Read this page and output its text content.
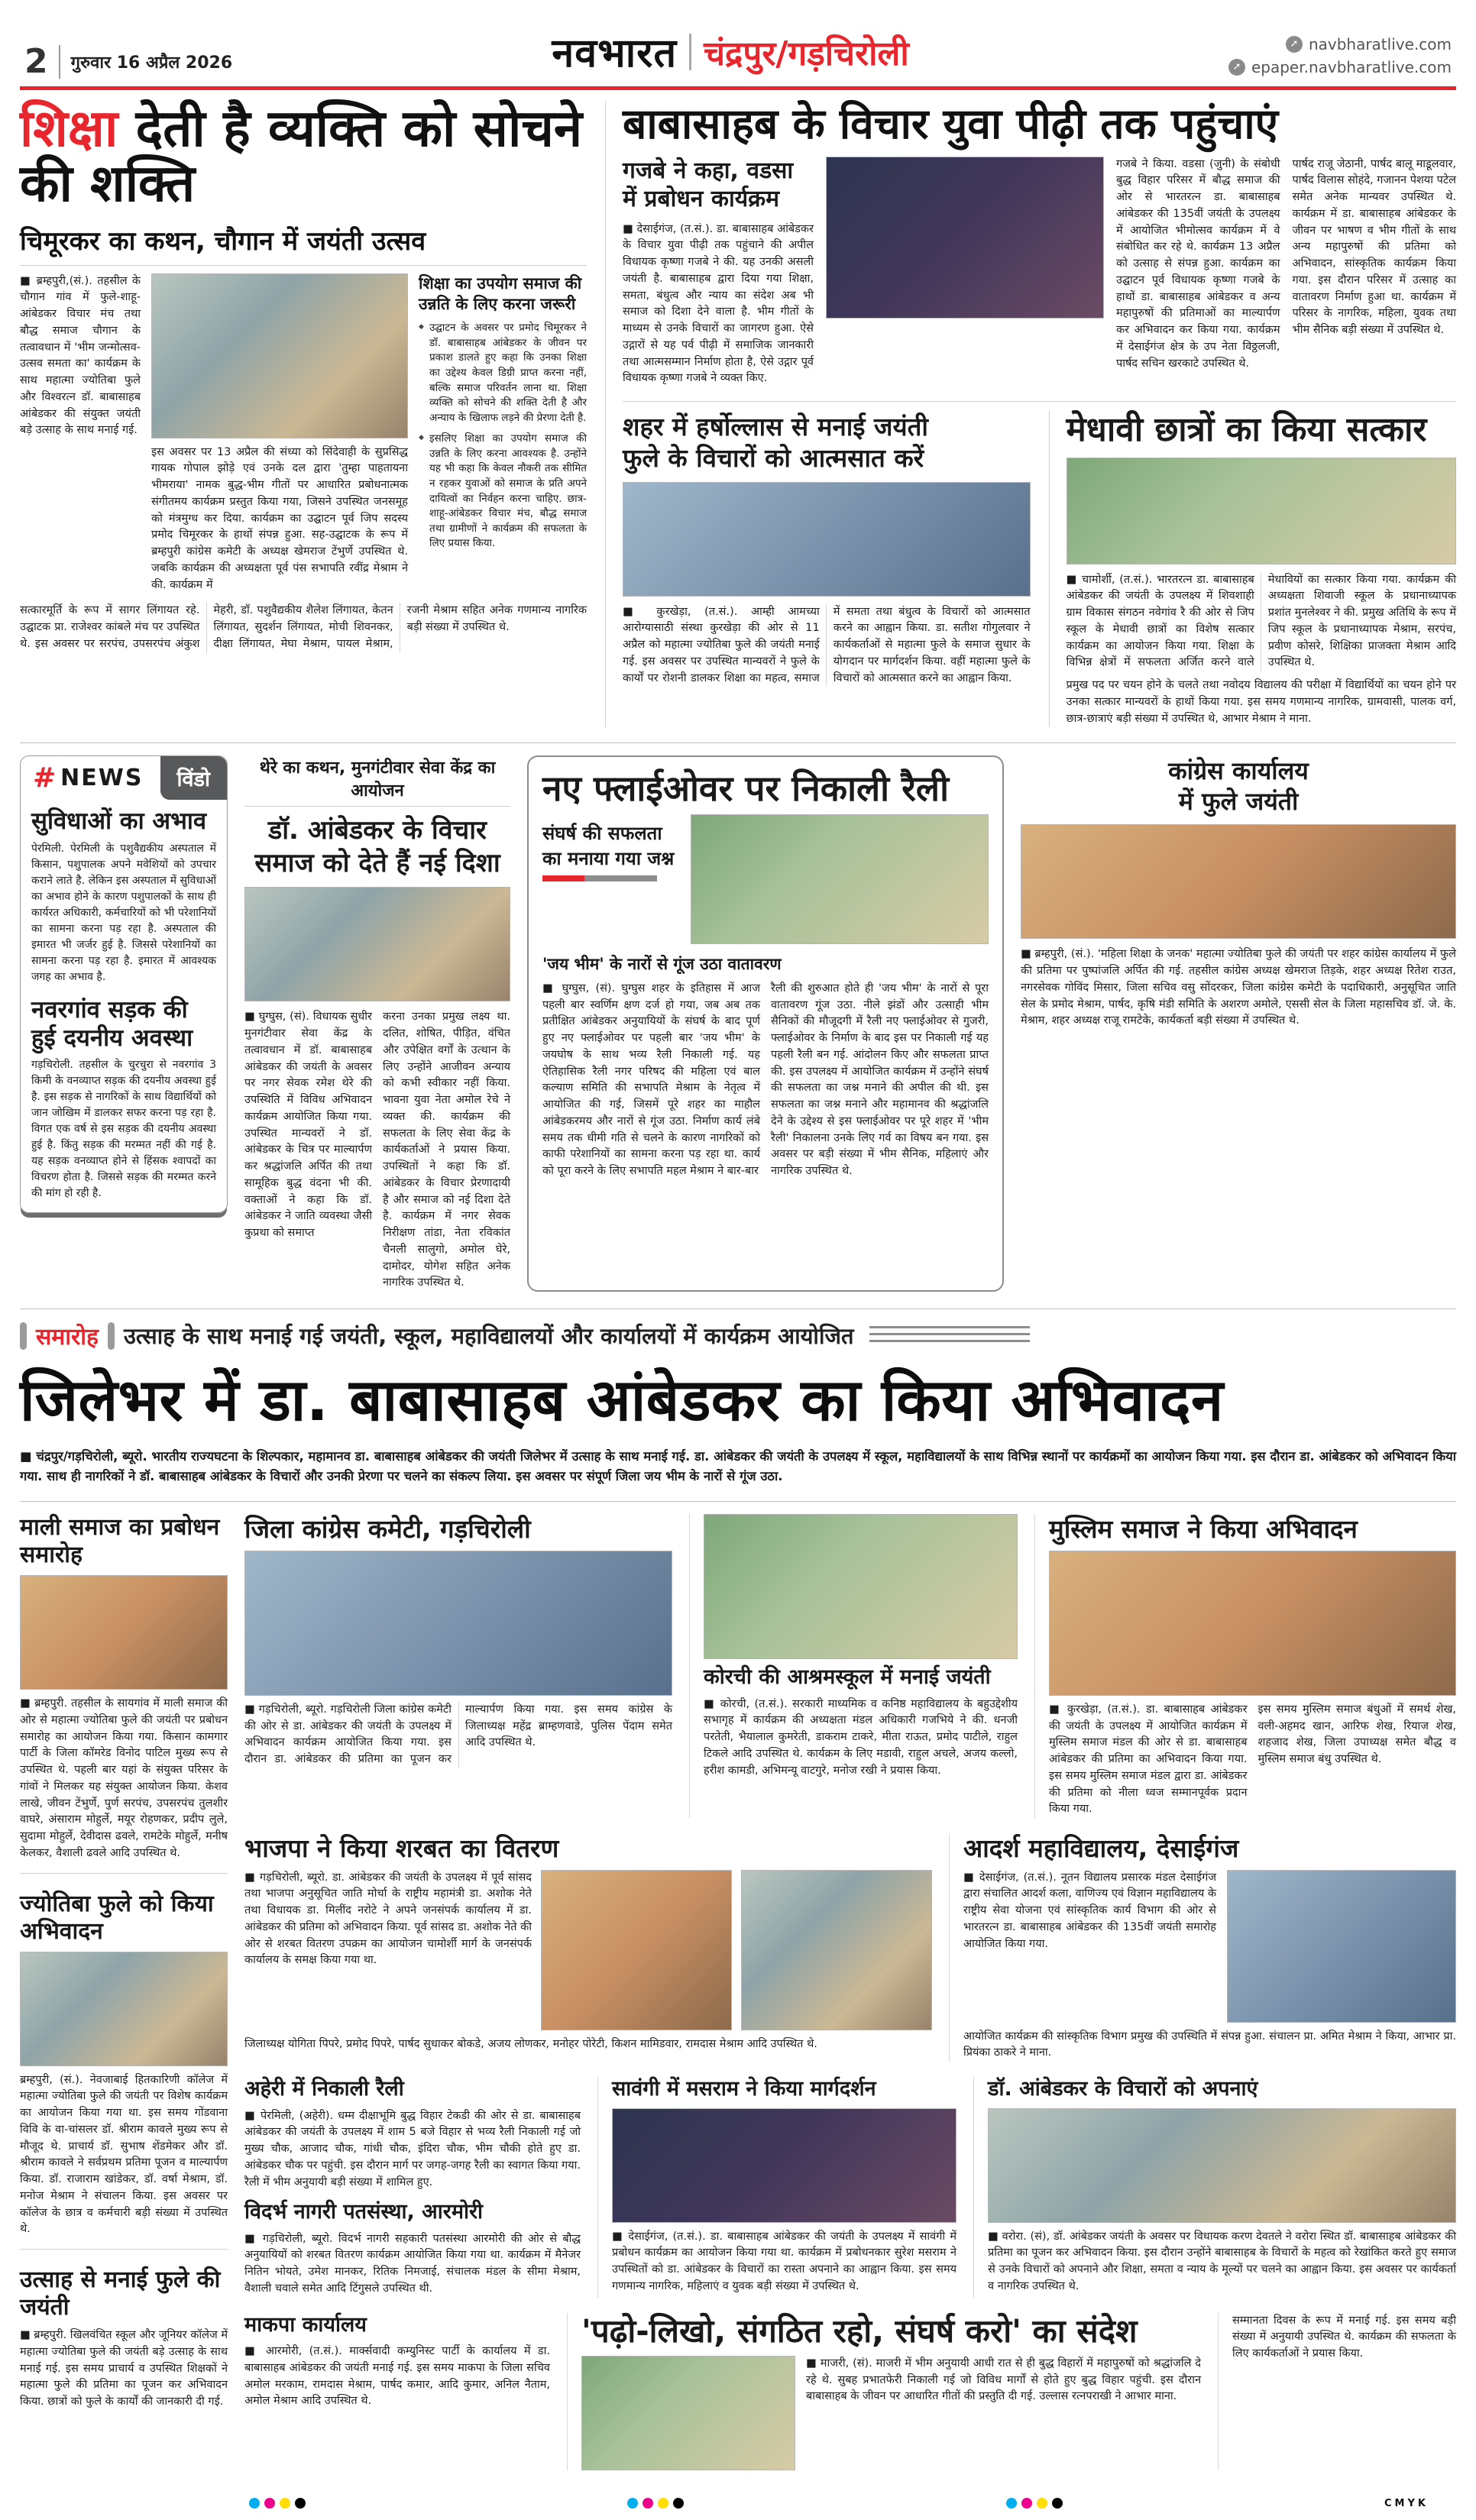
2 गुरुवार 16 अप्रैल 2026	नवभारत चंद्रपुर/गड़चिरोली	➚ navbharatlive.com
➚ epaper.navbharatlive.com
शिक्षा देती है व्यक्ति को सोचने की शक्ति
चिमूरकर का कथन, चौगान में जयंती उत्सव

■ ब्रम्हपुरी,(सं.). तहसील के चौगान गांव में फुले-शाहू-आंबेडकर विचार मंच तथा बौद्ध समाज चौगान के तत्वावधान में 'भीम जन्मोत्सव-उत्सव समता का' कार्यक्रम के साथ महात्मा ज्योतिबा फुले और विश्वरत्न डॉ. बाबासाहब आंबेडकर की संयुक्त जयंती बड़े उत्साह के साथ मनाई गई.

इस अवसर पर 13 अप्रैल की संध्या को सिंदेवाही के सुप्रसिद्ध गायक गोपाल झोड़े एवं उनके दल द्वारा 'तुम्हा पाहतायना भीमराया' नामक बुद्ध-भीम गीतों पर आधारित प्रबोधनात्मक संगीतमय कार्यक्रम प्रस्तुत किया गया, जिसने उपस्थित जनसमूह को मंत्रमुग्ध कर दिया. कार्यक्रम का उद्घाटन पूर्व जिप सदस्य प्रमोद चिमूरकर के हाथों संपन्न हुआ. सह-उद्घाटक के रूप में ब्रम्हपुरी कांग्रेस कमेटी के अध्यक्ष खेमराज टेंभुर्णे उपस्थित थे. जबकि कार्यक्रम की अध्यक्षता पूर्व पंस सभापति रवींद्र मेश्राम ने की. कार्यक्रम में

शिक्षा का उपयोग समाज की उन्नति के लिए करना जरूरी

◆ उद्घाटन के अवसर पर प्रमोद चिमूरकर ने डॉ. बाबासाहब आंबेडकर के जीवन पर प्रकाश डालते हुए कहा कि उनका शिक्षा का उद्देश्य केवल डिग्री प्राप्त करना नहीं, बल्कि समाज परिवर्तन लाना था. शिक्षा व्यक्ति को सोचने की शक्ति देती है और अन्याय के खिलाफ लड़ने की प्रेरणा देती है.

◆ इसलिए शिक्षा का उपयोग समाज की उन्नति के लिए करना आवश्यक है. उन्होंने यह भी कहा कि केवल नौकरी तक सीमित न रहकर युवाओं को समाज के प्रति अपने दायित्वों का निर्वहन करना चाहिए. छात्र-शाहू-आंबेडकर विचार मंच, बौद्ध समाज तथा ग्रामीणों ने कार्यक्रम की सफलता के लिए प्रयास किया.

सत्कारमूर्ति के रूप में सागर लिंगायत रहे. उद्घाटक प्रा. राजेश्वर कांबले मंच पर उपस्थित थे. इस अवसर पर सरपंच, उपसरपंच अंकुश मेहरी, डॉ. पशुवैद्यकीय शैलेश लिंगायत, केतन लिंगायत, सुदर्शन लिंगायत, मोची शिवनकर, दीक्षा लिंगायत, मेघा मेश्राम, पायल मेश्राम, रजनी मेश्राम सहित अनेक गणमान्य नागरिक बड़ी संख्या में उपस्थित थे.

बाबासाहब के विचार युवा पीढ़ी तक पहुंचाएं
गजबे ने कहा, वडसा में प्रबोधन कार्यक्रम

■ देसाईगंज, (त.सं.). डा. बाबासाहब आंबेडकर के विचार युवा पीढ़ी तक पहुंचाने की अपील विधायक कृष्णा गजबे ने की. यह उनकी असली जयंती है. बाबासाहब द्वारा दिया गया शिक्षा, समता, बंधुत्व और न्याय का संदेश अब भी समाज को दिशा देने वाला है. भीम गीतों के माध्यम से उनके विचारों का जागरण हुआ. ऐसे उद्गारों से यह पर्व पीढ़ी में समाजिक जानकारी तथा आत्मसम्मान निर्माण होता है, ऐसे उद्गार पूर्व विधायक कृष्णा गजबे ने व्यक्त किए.

गजबे ने किया. वडसा (जुनी) के संबोधी बुद्ध विहार परिसर में बौद्ध समाज की ओर से भारतरत्न डा. बाबासाहब आंबेडकर की 135वीं जयंती के उपलक्ष्य में आयोजित भीमोत्सव कार्यक्रम में वे संबोधित कर रहे थे. कार्यक्रम 13 अप्रैल को उत्साह से संपन्न हुआ. कार्यक्रम का उद्घाटन पूर्व विधायक कृष्णा गजबे के हाथों डा. बाबासाहब आंबेडकर व अन्य महापुरुषों की प्रतिमाओं का माल्यार्पण कर अभिवादन कर किया गया. कार्यक्रम में देसाईगंज क्षेत्र के उप नेता विठ्ठलजी, पार्षद सचिन खरकाटे उपस्थित थे.

पार्षद राजू जेठानी, पार्षद बालू माडूलवार, पार्षद विलास सोहंदे, गजानन पेशया पटेल समेत अनेक मान्यवर उपस्थित थे. कार्यक्रम में डा. बाबासाहब आंबेडकर के जीवन पर भाषण व भीम गीतों के साथ अन्य महापुरुषों की प्रतिमा को अभिवादन, सांस्कृतिक कार्यक्रम किया गया. इस दौरान परिसर में उत्साह का वातावरण निर्माण हुआ था. कार्यक्रम में परिसर के नागरिक, महिला, युवक तथा भीम सैनिक बड़ी संख्या में उपस्थित थे.

शहर में हर्षोल्लास से मनाई जयंती
फुले के विचारों को आत्मसात करें

■ कुरखेड़ा, (त.सं.). आम्ही आमच्या आरोग्यासाठी संस्था कुरखेड़ा की ओर से 11 अप्रैल को महात्मा ज्योतिबा फुले की जयंती मनाई गई. इस अवसर पर उपस्थित मान्यवरों ने फुले के कार्यों पर रोशनी डालकर शिक्षा का महत्व, समाज में समता तथा बंधुत्व के विचारों को आत्मसात करने का आह्वान किया. डा. सतीश गोगुलवार ने कार्यकर्ताओं से महात्मा फुले के समाज सुधार के योगदान पर मार्गदर्शन किया. वहीं महात्मा फुले के विचारों को आत्मसात करने का आह्वान किया.

मेधावी छात्रों का किया सत्कार

■ चामोर्शी, (त.सं.). भारतरत्न डा. बाबासाहब आंबेडकर की जयंती के उपलक्ष्य में शिवशाही ग्राम विकास संगठन नवेगांव रै की ओर से जिप स्कूल के मेधावी छात्रों का विशेष सत्कार कार्यक्रम का आयोजन किया गया. शिक्षा के विभिन्न क्षेत्रों में सफलता अर्जित करने वाले मेधावियों का सत्कार किया गया. कार्यक्रम की अध्यक्षता शिवाजी स्कूल के प्रधानाध्यापक प्रशांत मुनलेश्वर ने की. प्रमुख अतिथि के रूप में जिप स्कूल के प्रधानाध्यापक मेश्राम, सरपंच, प्रवीण कोसरे, शिक्षिका प्राजक्ता मेश्राम आदि उपस्थित थे.

प्रमुख पद पर चयन होने के चलते तथा नवोदय विद्यालय की परीक्षा में विद्यार्थियों का चयन होने पर उनका सत्कार मान्यवरों के हाथों किया गया. इस समय गणमान्य नागरिक, ग्रामवासी, पालक वर्ग, छात्र-छात्राएं बड़ी संख्या में उपस्थित थे, आभार मेश्राम ने माना.

# NEWS	विंडो
सुविधाओं का अभाव

पेरमिली. पेरमिली के पशुवैद्यकीय अस्पताल में किसान, पशुपालक अपने मवेशियों को उपचार कराने लाते है. लेकिन इस अस्पताल में सुविधाओं का अभाव होने के कारण पशुपालकों के साथ ही कार्यरत अधिकारी, कर्मचारियों को भी परेशानियों का सामना करना पड़ रहा है. अस्पताल की इमारत भी जर्जर हुई है. जिससे परेशानियों का सामना करना पड़ रहा है. इमारत में आवश्यक जगह का अभाव है.

नवरगांव सड़क की हुई दयनीय अवस्था

गड़चिरोली. तहसील के चुरचुरा से नवरगांव 3 किमी के वनव्याप्त सड़क की दयनीय अवस्था हुई है. इस सड़क से नागरिकों के साथ विद्यार्थियों को जान जोखिम में डालकर सफर करना पड़ रहा है. विगत एक वर्ष से इस सड़क की दयनीय अवस्था हुई है. किंतु सड़क की मरम्मत नहीं की गई है. यह सड़क वनव्याप्त होने से हिंसक श्वापदों का विचरण होता है. जिससे सड़क की मरम्मत करने की मांग हो रही है.

थेरे का कथन, मुनगंटीवार सेवा केंद्र का आयोजन
डॉ. आंबेडकर के विचार समाज को देते हैं नई दिशा

■ घुग्घुस, (सं). विधायक सुधीर मुनगंटीवार सेवा केंद्र के तत्वावधान में डॉ. बाबासाहब आंबेडकर की जयंती के अवसर पर नगर सेवक रमेश थेरे की उपस्थिति में विविध अभिवादन कार्यक्रम आयोजित किया गया. उपस्थित मान्यवरों ने डॉ. आंबेडकर के चित्र पर माल्यार्पण कर श्रद्धांजलि अर्पित की तथा सामूहिक बुद्ध वंदना भी की. वक्ताओं ने कहा कि डॉ. आंबेडकर ने जाति व्यवस्था जैसी कुप्रथा को समाप्त

करना उनका प्रमुख लक्ष्य था. दलित, शोषित, पीड़ित, वंचित और उपेक्षित वर्गों के उत्थान के लिए उन्होंने आजीवन अन्याय को कभी स्वीकार नहीं किया. भावना युवा नेता अमोल रेचे ने व्यक्त की. कार्यक्रम की सफलता के लिए सेवा केंद्र के कार्यकर्ताओं ने प्रयास किया. उपस्थितों ने कहा कि डॉ. आंबेडकर के विचार प्रेरणादायी है और समाज को नई दिशा देते है. कार्यक्रम में नगर सेवक निरीक्षण तांडा, नेता रविकांत चैनली सालुगो, अमोल घेरे, दामोदर, योगेश सहित अनेक नागरिक उपस्थित थे.

नए फ्लाईओवर पर निकाली रैली
संघर्ष की सफलता
का मनाया गया जश्न
'जय भीम' के नारों से गूंज उठा वातावरण

■ घुग्घुस, (सं). घुग्घुस शहर के इतिहास में आज पहली बार स्वर्णिम क्षण दर्ज हो गया, जब अब तक प्रतीक्षित आंबेडकर अनुयायियों के संघर्ष के बाद पूर्ण हुए नए फ्लाईओवर पर पहली बार 'जय भीम' के जयघोष के साथ भव्य रैली निकाली गई. यह ऐतिहासिक रैली नगर परिषद की महिला एवं बाल कल्याण समिति की सभापति मेश्राम के नेतृत्व में आयोजित की गई, जिसमें पूरे शहर का माहौल आंबेडकरमय और नारों से गूंज उठा. निर्माण कार्य लंबे समय तक धीमी गति से चलने के कारण नागरिकों को काफी परेशानियों का सामना करना पड़ रहा था. कार्य को पूरा करने के लिए सभापति महल मेश्राम ने बार-बार

रैली की शुरुआत होते ही 'जय भीम' के नारों से पूरा वातावरण गूंज उठा. नीले झंडों और उत्साही भीम सैनिकों की मौजूदगी में रैली नए फ्लाईओवर से गुजरी, फ्लाईओवर के निर्माण के बाद इस पर निकाली गई यह पहली रैली बन गई. आंदोलन किए और सफलता प्राप्त की. इस उपलक्ष्य में आयोजित कार्यक्रम में उन्होंने संघर्ष की सफलता का जश्न मनाने की अपील की थी. इस सफलता का जश्न मनाने और महामानव की श्रद्धांजलि देने के उद्देश्य से इस फ्लाईओवर पर पूरे शहर में 'भीम रैली' निकालना उनके लिए गर्व का विषय बन गया. इस अवसर पर बड़ी संख्या में भीम सैनिक, महिलाएं और नागरिक उपस्थित थे.

कांग्रेस कार्यालय
में फुले जयंती

■ ब्रम्हपुरी, (सं.). 'महिला शिक्षा के जनक' महात्मा ज्योतिबा फुले की जयंती पर शहर कांग्रेस कार्यालय में फुले की प्रतिमा पर पुष्पांजलि अर्पित की गई. तहसील कांग्रेस अध्यक्ष खेमराज तिड़के, शहर अध्यक्ष रितेश राउत, नगरसेवक गोविंद मिसार, जिला सचिव वसु सोंदरकर, जिला कांग्रेस कमेटी के पदाधिकारी, अनुसूचित जाति सेल के प्रमोद मेश्राम, पार्षद, कृषि मंडी समिति के अशरण अमोले, एससी सेल के जिला महासचिव डॉ. जे. के. मेश्राम, शहर अध्यक्ष राजू रामटेके, कार्यकर्ता बड़ी संख्या में उपस्थित थे.

समारोह उत्साह के साथ मनाई गई जयंती, स्कूल, महाविद्यालयों और कार्यालयों में कार्यक्रम आयोजित
जिलेभर में डा. बाबासाहब आंबेडकर का किया अभिवादन

■ चंद्रपुर/गड़चिरोली, ब्यूरो. भारतीय राज्यघटना के शिल्पकार, महामानव डा. बाबासाहब आंबेडकर की जयंती जिलेभर में उत्साह के साथ मनाई गई. डा. आंबेडकर की जयंती के उपलक्ष्य में स्कूल, महाविद्यालयों के साथ विभिन्न स्थानों पर कार्यक्रमों का आयोजन किया गया. इस दौरान डा. आंबेडकर को अभिवादन किया गया. साथ ही नागरिकों ने डॉ. बाबासाहब आंबेडकर के विचारों और उनकी प्रेरणा पर चलने का संकल्प लिया. इस अवसर पर संपूर्ण जिला जय भीम के नारों से गूंज उठा.

माली समाज का प्रबोधन समारोह

■ ब्रम्हपुरी. तहसील के सायगांव में माली समाज की ओर से महात्मा ज्योतिबा फुले की जयंती पर प्रबोधन समारोह का आयोजन किया गया. किसान कामगार पार्टी के जिला कॉमरेड विनोद पाटिल मुख्य रूप से उपस्थित थे. पहली बार यहां के संयुक्त परिसर के गांवों ने मिलकर यह संयुक्त आयोजन किया. केशव लाखे, जीवन टेंभुर्णे, पुर्ण सरपंच, उपसरपंच तुलशीर वाघरे, अंसाराम मोहुर्ले, मयूर रोहणकर, प्रदीप लुले, सुदामा मोहुर्ले, देवीदास ढवले, रामटेके मोहुर्ले, मनीष केलकर, वैशाली ढवले आदि उपस्थित थे.

ज्योतिबा फुले को किया अभिवादन

ब्रम्हपुरी, (सं.). नेवजाबाई हितकारिणी कॉलेज में महात्मा ज्योतिबा फुले की जयंती पर विशेष कार्यक्रम का आयोजन किया गया था. इस समय गोंडवाना विवि के वा-चांसलर डॉ. श्रीराम कावले मुख्य रूप से मौजूद थे. प्राचार्य डॉ. सुभाष शेंडमेकर और डॉ. श्रीराम कावले ने सर्वप्रथम प्रतिमा पूजन व माल्यार्पण किया. डॉ. राजाराम खांडेकर, डॉ. वर्षा मेश्राम, डॉ. मनोज मेश्राम ने संचालन किया. इस अवसर पर कॉलेज के छात्र व कर्मचारी बड़ी संख्या में उपस्थित थे.

उत्साह से मनाई फुले की जयंती

■ ब्रम्हपुरी. खिलवंचित स्कूल और जूनियर कॉलेज में महात्मा ज्योतिबा फुले की जयंती बड़े उत्साह के साथ मनाई गई. इस समय प्राचार्य व उपस्थित शिक्षकों ने महात्मा फुले की प्रतिमा का पूजन कर अभिवादन किया. छात्रों को फुले के कार्यों की जानकारी दी गई.

जिला कांग्रेस कमेटी, गड़चिरोली

■ गड़चिरोली, ब्यूरो. गड़चिरोली जिला कांग्रेस कमेटी की ओर से डा. आंबेडकर की जयंती के उपलक्ष्य में अभिवादन कार्यक्रम आयोजित किया गया. इस दौरान डा. आंबेडकर की प्रतिमा का पूजन कर माल्यार्पण किया गया. इस समय कांग्रेस के जिलाध्यक्ष महेंद्र ब्राम्हणवाडे, पुलिस पेंदाम समेत आदि उपस्थित थे.

कोरची की आश्रमस्कूल में मनाई जयंती

■ कोरची, (त.सं.). सरकारी माध्यमिक व कनिष्ठ महाविद्यालय के बहुउद्देशीय सभागृह में कार्यक्रम की अध्यक्षता मंडल अधिकारी गजभिये ने की. धनजी परतेती, भैयालाल कुमरेती, डाकराम टाकरे, मीता राऊत, प्रमोद पाटीले, राहुल टिकले आदि उपस्थित थे. कार्यक्रम के लिए मडावी, राहुल अचले, अजय कल्लो, हरीश कामडी, अभिमन्यू वाटगुरे, मनोज रखी ने प्रयास किया.

मुस्लिम समाज ने किया अभिवादन

■ कुरखेड़ा, (त.सं.). डा. बाबासाहब आंबेडकर की जयंती के उपलक्ष्य में आयोजित कार्यक्रम में मुस्लिम समाज मंडल की ओर से डा. बाबासाहब आंबेडकर की प्रतिमा का अभिवादन किया गया. इस समय मुस्लिम समाज मंडल द्वारा डा. आंबेडकर की प्रतिमा को नीला ध्वज सम्मानपूर्वक प्रदान किया गया.

इस समय मुस्लिम समाज बंधुओं में समर्थ शेख, वली-अहमद खान, आरिफ शेख, रियाज शेख, शहजाद शेख, जिला उपाध्यक्ष समेत बौद्ध व मुस्लिम समाज बंधु उपस्थित थे.

भाजपा ने किया शरबत का वितरण

■ गड़चिरोली, ब्यूरो. डा. आंबेडकर की जयंती के उपलक्ष्य में पूर्व सांसद तथा भाजपा अनुसूचित जाति मोर्चा के राष्ट्रीय महामंत्री डा. अशोक नेते तथा विधायक डा. मिलींद नरोटे ने अपने जनसंपर्क कार्यालय में डा. आंबेडकर की प्रतिमा को अभिवादन किया. पूर्व सांसद डा. अशोक नेते की ओर से शरबत वितरण उपक्रम का आयोजन चामोर्शी मार्ग के जनसंपर्क कार्यालय के समक्ष किया गया था.

जिलाध्यक्ष योगिता पिपरे, प्रमोद पिपरे, पार्षद सुधाकर बोकडे, अजय लोणकर, मनोहर पोरेटी, किशन मामिडवार, रामदास मेश्राम आदि उपस्थित थे.

आदर्श महाविद्यालय, देसाईगंज

■ देसाईगंज, (त.सं.). नूतन विद्यालय प्रसारक मंडल देसाईगंज द्वारा संचालित आदर्श कला, वाणिज्य एवं विज्ञान महाविद्यालय के राष्ट्रीय सेवा योजना एवं सांस्कृतिक कार्य विभाग की ओर से भारतरत्न डा. बाबासाहब आंबेडकर की 135वीं जयंती समारोह आयोजित किया गया.

आयोजित कार्यक्रम की सांस्कृतिक विभाग प्रमुख की उपस्थिति में संपन्न हुआ. संचालन प्रा. अमित मेश्राम ने किया, आभार प्रा. प्रियंका ठाकरे ने माना.

अहेरी में निकाली रैली

■ पेरमिली, (अहेरी). धम्म दीक्षाभूमि बुद्ध विहार टेकडी की ओर से डा. बाबासाहब आंबेडकर की जयंती के उपलक्ष्य में शाम 5 बजे विहार से भव्य रैली निकाली गई जो मुख्य चौक, आजाद चौक, गांधी चौक, इंदिरा चौक, भीम चौकी होते हुए डा. आंबेडकर चौक पर पहुंची. इस दौरान मार्ग पर जगह-जगह रैली का स्वागत किया गया. रैली में भीम अनुयायी बड़ी संख्या में शामिल हुए.

विदर्भ नागरी पतसंस्था, आरमोरी

■ गड़चिरोली, ब्यूरो. विदर्भ नागरी सहकारी पतसंस्था आरमोरी की ओर से बौद्ध अनुयायियों को शरबत वितरण कार्यक्रम आयोजित किया गया था. कार्यक्रम में मैनेजर नितिन भोयते, उमेश मानकर, रितिक निमजाई, संचालक मंडल के सीमा मेश्राम, वैशाली चवाले समेत आदि टिंगुसले उपस्थित थी.

सावंगी में मसराम ने किया मार्गदर्शन

■ देसाईगंज, (त.सं.). डा. बाबासाहब आंबेडकर की जयंती के उपलक्ष्य में सावंगी में प्रबोधन कार्यक्रम का आयोजन किया गया था. कार्यक्रम में प्रबोधनकार सुरेश मसराम ने उपस्थितों को डा. आंबेडकर के विचारों का रास्ता अपनाने का आह्वान किया. इस समय गणमान्य नागरिक, महिलाएं व युवक बड़ी संख्या में उपस्थित थे.

डॉ. आंबेडकर के विचारों को अपनाएं

■ वरोरा. (सं), डॉ. आंबेडकर जयंती के अवसर पर विधायक करण देवतले ने वरोरा स्थित डॉ. बाबासाहब आंबेडकर की प्रतिमा का पूजन कर अभिवादन किया. इस दौरान उन्होंने बाबासाहब के विचारों के महत्व को रेखांकित करते हुए समाज से उनके विचारों को अपनाने और शिक्षा, समता व न्याय के मूल्यों पर चलने का आह्वान किया. इस अवसर पर कार्यकर्ता व नागरिक उपस्थित थे.

माकपा कार्यालय

■ आरमोरी, (त.सं.). मार्क्सवादी कम्युनिस्ट पार्टी के कार्यालय में डा. बाबासाहब आंबेडकर की जयंती मनाई गई. इस समय माकपा के जिला सचिव अमोल मरकाम, रामदास मेश्राम, पार्षद कमार, आदि कुमार, अनिल नैताम, अमोल मेश्राम आदि उपस्थित थे.

'पढ़ो-लिखो, संगठित रहो, संघर्ष करो' का संदेश

■ माजरी, (सं). माजरी में भीम अनुयायी आधी रात से ही बुद्ध विहारों में महापुरुषों को श्रद्धांजलि दे रहे थे. सुबह प्रभातफेरी निकाली गई जो विविध मार्गों से होते हुए बुद्ध विहार पहुंची. इस दौरान बाबासाहब के जीवन पर आधारित गीतों की प्रस्तुति दी गई. उल्लास रत्नपराखी ने आभार माना.

सम्मानता दिवस के रूप में मनाई गई. इस समय बड़ी संख्या में अनुयायी उपस्थित थे. कार्यक्रम की सफलता के लिए कार्यकर्ताओं ने प्रयास किया.

C M Y K
